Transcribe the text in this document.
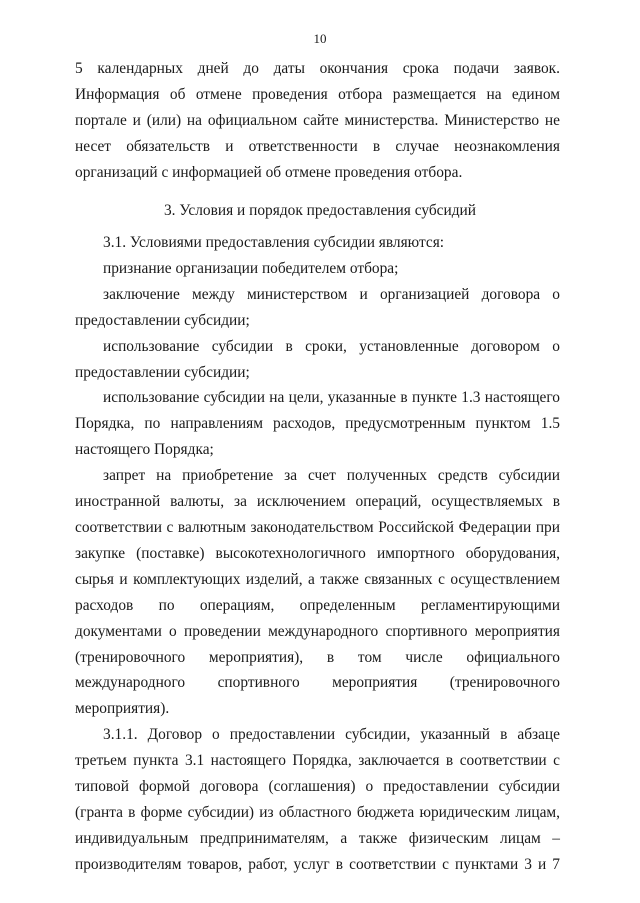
10

5 календарных дней до даты окончания срока подачи заявок. Информация об отмене проведения отбора размещается на едином портале и (или) на официальном сайте министерства. Министерство не несет обязательств и ответственности в случае неознакомления организаций с информацией об отмене проведения отбора.

3. Условия и порядок предоставления субсидий

3.1. Условиями предоставления субсидии являются:

признание организации победителем отбора;

заключение между министерством и организацией договора о предоставлении субсидии;

использование субсидии в сроки, установленные договором о предоставлении субсидии;

использование субсидии на цели, указанные в пункте 1.3 настоящего Порядка, по направлениям расходов, предусмотренным пунктом 1.5 настоящего Порядка;

запрет на приобретение за счет полученных средств субсидии иностранной валюты, за исключением операций, осуществляемых в соответствии с валютным законодательством Российской Федерации при закупке (поставке) высокотехнологичного импортного оборудования, сырья и комплектующих изделий, а также связанных с осуществлением расходов по операциям, определенным регламентирующими документами о проведении международного спортивного мероприятия (тренировочного мероприятия), в том числе официального международного спортивного мероприятия (тренировочного мероприятия).

3.1.1. Договор о предоставлении субсидии, указанный в абзаце третьем пункта 3.1 настоящего Порядка, заключается в соответствии с типовой формой договора (соглашения) о предоставлении субсидии (гранта в форме субсидии) из областного бюджета юридическим лицам, индивидуальным предпринимателям, а также физическим лицам – производителям товаров, работ, услуг в соответствии с пунктами 3 и 7
